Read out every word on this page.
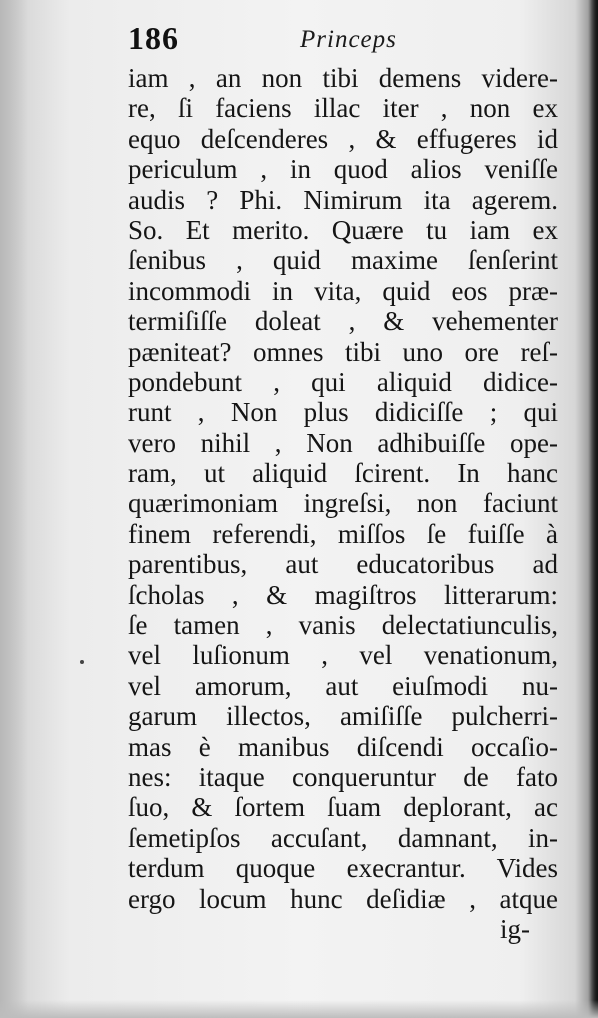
186	Princeps
iam , an non tibi demens videre-
re, ſi faciens illac iter , non ex
equo deſcenderes , & effugeres id
periculum , in quod alios veniſſe
audis ? Phi. Nimirum ita agerem.
So. Et merito. Quære tu iam ex
ſenibus , quid maxime ſenſerint
incommodi in vita, quid eos præ-
termiſiſſe doleat , & vehementer
pæniteat? omnes tibi uno ore reſ-
pondebunt , qui aliquid didice-
runt , Non plus didiciſſe ; qui
vero nihil , Non adhibuiſſe ope-
ram, ut aliquid ſcirent. In hanc
quærimoniam ingreſsi, non faciunt
finem referendi, miſſos ſe fuiſſe à
parentibus, aut educatoribus ad
ſcholas , & magiſtros litterarum:
ſe tamen , vanis delectatiunculis,
vel luſionum , vel venationum,
vel amorum, aut eiuſmodi nu-
garum illectos, amiſiſſe pulcherri-
mas è manibus diſcendi occaſio-
nes: itaque conqueruntur de fato
ſuo, & ſortem ſuam deplorant, ac
ſemetipſos accuſant, damnant, in-
terdum quoque execrantur. Vides
ergo locum hunc deſidiæ , atque
ig-
